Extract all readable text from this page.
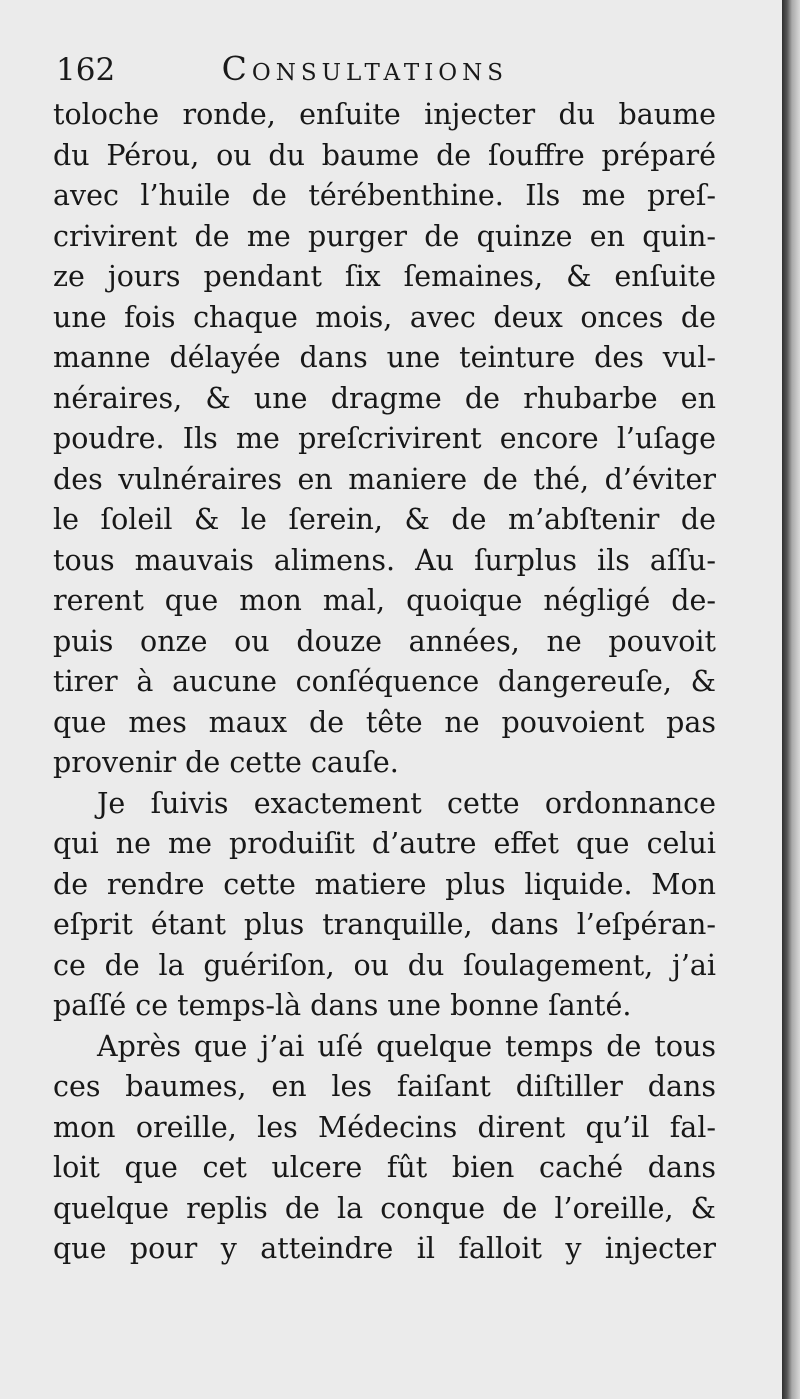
162	Consultations
toloche ronde, enſuite injecter du baume
du Pérou, ou du baume de ſouffre préparé
avec l’huile de térébenthine. Ils me preſ-
crivirent de me purger de quinze en quin-
ze jours pendant ſix ſemaines, & enſuite
une fois chaque mois, avec deux onces de
manne délayée dans une teinture des vul-
néraires, & une dragme de rhubarbe en
poudre. Ils me preſcrivirent encore l’uſage
des vulnéraires en maniere de thé, d’éviter
le ſoleil & le ſerein, & de m’abſtenir de
tous mauvais alimens. Au ſurplus ils aſſu-
rerent que mon mal, quoique négligé de-
puis onze ou douze années, ne pouvoit
tirer à aucune conſéquence dangereuſe, &
que mes maux de tête ne pouvoient pas
provenir de cette cauſe.
Je ſuivis exactement cette ordonnance
qui ne me produiſit d’autre effet que celui
de rendre cette matiere plus liquide. Mon
eſprit étant plus tranquille, dans l’eſpéran-
ce de la guériſon, ou du ſoulagement, j’ai
paſſé ce temps-là dans une bonne ſanté.
Après que j’ai uſé quelque temps de tous
ces baumes, en les faiſant diſtiller dans
mon oreille, les Médecins dirent qu’il fal-
loit que cet ulcere fût bien caché dans
quelque replis de la conque de l’oreille, &
que pour y atteindre il falloit y injecter
